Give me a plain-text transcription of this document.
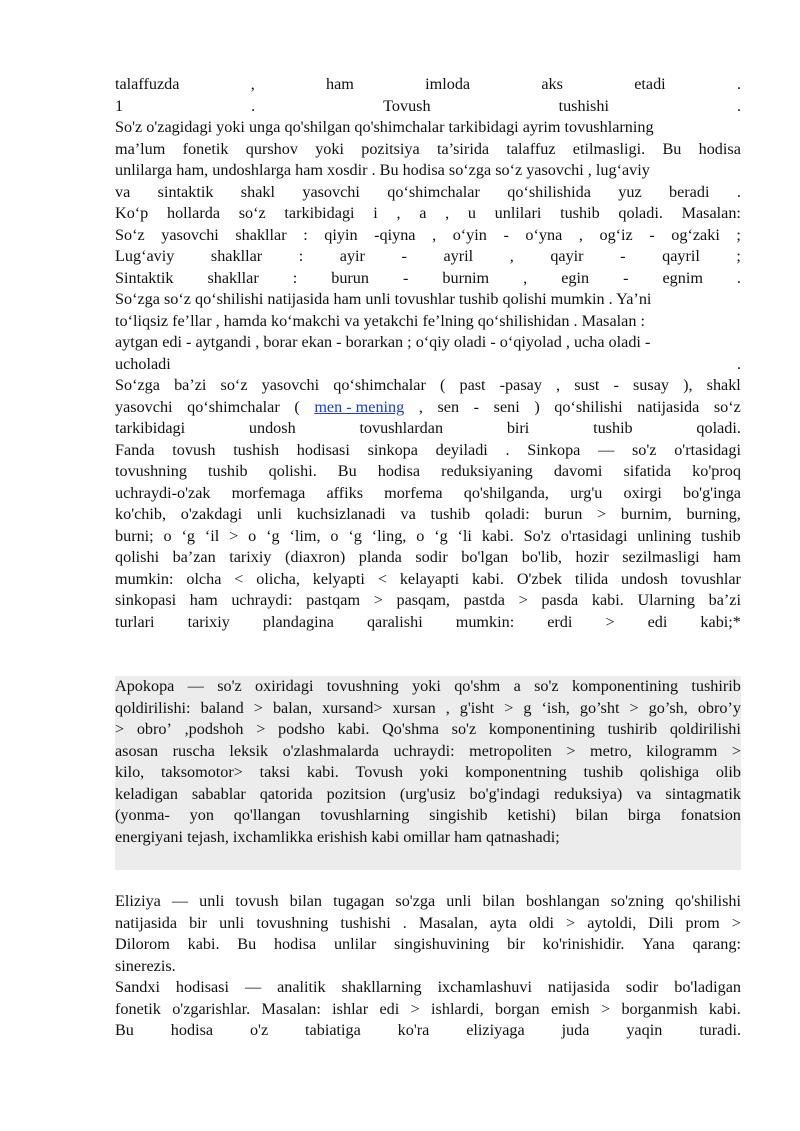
talaffuzda	,	ham	imloda	aks	etadi	.
1	.	Tovush	tushishi	.
So'z o'zagidagi yoki unga qo'shilgan qo'shimchalar tarkibidagi ayrim tovushlarning
ma’lum fonetik qurshov yoki pozitsiya ta’sirida talaffuz etilmasligi. Bu hodisa
unlilarga ham, undoshlarga ham xosdir . Bu hodisa so‘zga so‘z yasovchi , lug‘aviy
va sintaktik shakl yasovchi qo‘shimchalar qo‘shilishida yuz beradi .
Ko‘p hollarda so‘z tarkibidagi i , a , u unlilari tushib qoladi. Masalan:
So‘z yasovchi shakllar : qiyin -qiyna , o‘yin - o‘yna , og‘iz - og‘zaki ;
Lug‘aviy shakllar : ayir - ayril , qayir - qayril ;
Sintaktik shakllar : burun - burnim , egin - egnim .
So‘zga so‘z qo‘shilishi natijasida ham unli tovushlar tushib qolishi mumkin . Ya’ni
to‘liqsiz fe’llar , hamda ko‘makchi va yetakchi fe’lning qo‘shilishidan . Masalan :
aytgan edi - aytgandi , borar ekan - borarkan ; o‘qiy oladi - o‘qiyolad , ucha oladi -
ucholadi	.
So‘zga ba’zi so‘z yasovchi qo‘shimchalar ( past -pasay , sust - susay ), shakl
yasovchi qo‘shimchalar ( men - mening , sen - seni ) qo‘shilishi natijasida so‘z
tarkibidagi	undosh	tovushlardan	biri	tushib	qoladi.
Fanda tovush tushish hodisasi sinkopa deyiladi . Sinkopa — so'z o'rtasidagi
tovushning tushib qolishi. Bu hodisa reduksiyaning davomi sifatida ko'proq
uchraydi-o'zak morfemaga affiks morfema qo'shilganda, urg'u oxirgi bo'g'inga
ko'chib, o'zakdagi unli kuchsizlanadi va tushib qoladi: burun > burnim, burning,
burni; o ‘g ‘il > o ‘g ‘lim, o ‘g ‘ling, o ‘g ‘li kabi. So'z o'rtasidagi unlining tushib
qolishi ba’zan tarixiy (diaxron) planda sodir bo'lgan bo'lib, hozir sezilmasligi ham
mumkin: olcha < olicha, kelyapti < kelayapti kabi. O'zbek tilida undosh tovushlar
sinkopasi ham uchraydi: pastqam > pasqam, pastda > pasda kabi. Ularning ba’zi
turlari tarixiy plandagina qaralishi mumkin: erdi > edi kabi;*
Apokopa — so'z oxiridagi tovushning yoki qo'shm a so'z komponentining tushirib
qoldirilishi: baland > balan, xursand> xursan , g'isht > g ‘ish, go’sht > go’sh, obro’y
> obro’ ,podshoh > podsho kabi. Qo'shma so'z komponentining tushirib qoldirilishi
asosan ruscha leksik o'zlashmalarda uchraydi: metropoliten > metro, kilogramm >
kilo, taksomotor> taksi kabi. Tovush yoki komponentning tushib qolishiga olib
keladigan sabablar qatorida pozitsion (urg'usiz bo'g'indagi reduksiya) va sintagmatik
(yonma- yon qo'llangan tovushlarning singishib ketishi) bilan birga fonatsion
energiyani tejash, ixchamlikka erishish kabi omillar ham qatnashadi;
Eliziya — unli tovush bilan tugagan so'zga unli bilan boshlangan so'zning qo'shilishi
natijasida bir unli tovushning tushishi . Masalan, ayta oldi > aytoldi, Dili prom >
Dilorom kabi. Bu hodisa unlilar singishuvining bir ko'rinishidir. Yana qarang:
sinerezis.
Sandxi hodisasi — analitik shakllarning ixchamlashuvi natijasida sodir bo'ladigan
fonetik o'zgarishlar. Masalan: ishlar edi > ishlardi, borgan emish > borganmish kabi.
Bu hodisa o'z tabiatiga ko'ra eliziyaga juda yaqin turadi.
